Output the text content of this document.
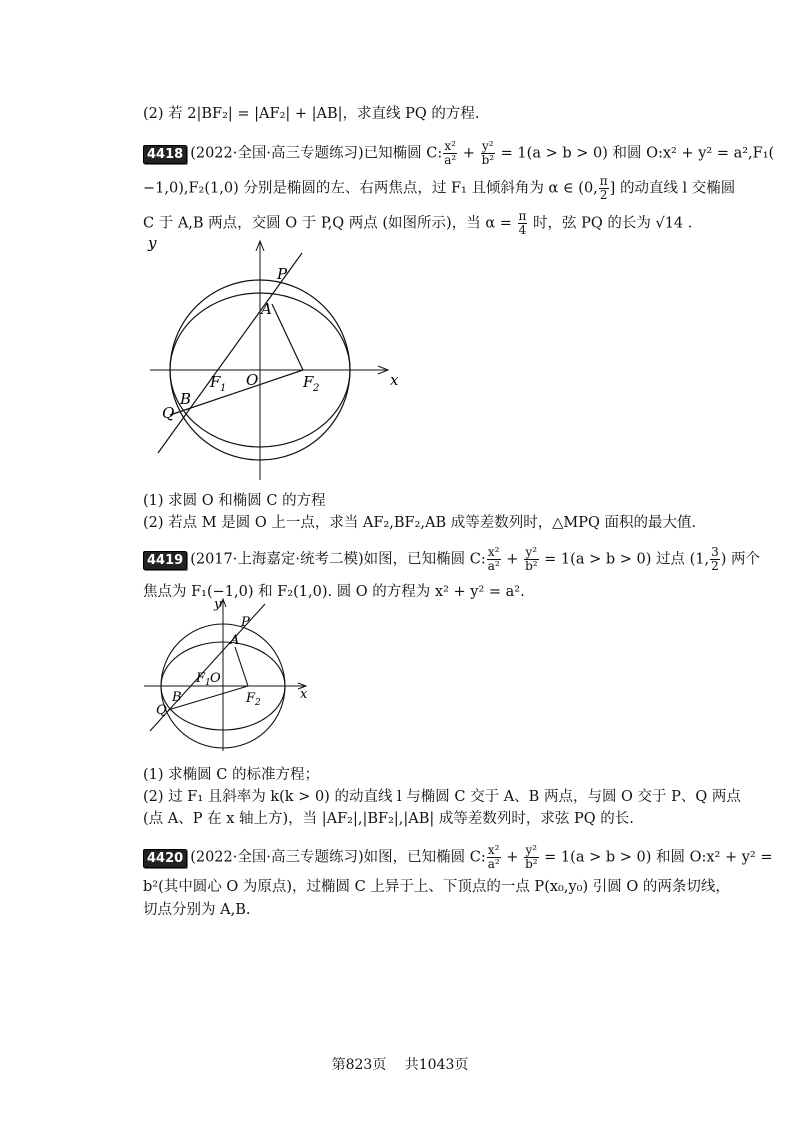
(2) 若 2|BF₂| = |AF₂| + |AB|，求直线 PQ 的方程.
4418 (2022·全国·高三专题练习)已知椭圆 C: $\frac{\text{x²}}{\text{a²}} + \frac{\text{y²}}{\text{b²}} = 1(a > b > 0)$ 和圆 O:x² + y² = a²,F₁(
−1,0),F₂(1,0) 分别是椭圆的左、右两焦点，过 F₁ 且倾斜角为 α ∈ (0, $\frac{\pi}{2}$ ] 的动直线 l 交椭圆
C 于 A,B 两点，交圆 O 于 P,Q 两点 (如图所示)，当 $\alpha = \frac{\pi}{4}$ 时，弦 PQ 的长为 √14 .
y
x
P
A
F 1 O	F 2
B
Q
(1) 求圆 O 和椭圆 C 的方程
(2) 若点 M 是圆 O 上一点，求当 AF₂,BF₂,AB 成等差数列时，△MPQ 面积的最大值.
4419 (2017·上海嘉定·统考二模)如图，已知椭圆 C: $\frac{\text{x²}}{\text{a²}} + \frac{\text{y²}}{\text{b²}} = 1(a > b > 0)$ 过点 (1, $\frac{3}{2}$ ) 两个
焦点为 F₁(−1,0) 和 F₂(1,0). 圆 O 的方程为 x² + y² = a².
y
x
P
A
F 1 O
F 2
B
Q
(1) 求椭圆 C 的标准方程；
(2) 过 F₁ 且斜率为 k(k > 0) 的动直线 l 与椭圆 C 交于 A、B 两点，与圆 O 交于 P、Q 两点
(点 A、P 在 x 轴上方)，当 |AF₂|,|BF₂|,|AB| 成等差数列时，求弦 PQ 的长.
4420 (2022·全国·高三专题练习)如图，已知椭圆 C: $\frac{\text{x²}}{\text{a²}} + \frac{\text{y²}}{\text{b²}} = 1(a > b > 0)$ 和圆 O:x² + y² =
b²(其中圆心 O 为原点)，过椭圆 C 上异于上、下顶点的一点 P(x₀,y₀) 引圆 O 的两条切线，
切点分别为 A,B.
第823页　 共1043页
